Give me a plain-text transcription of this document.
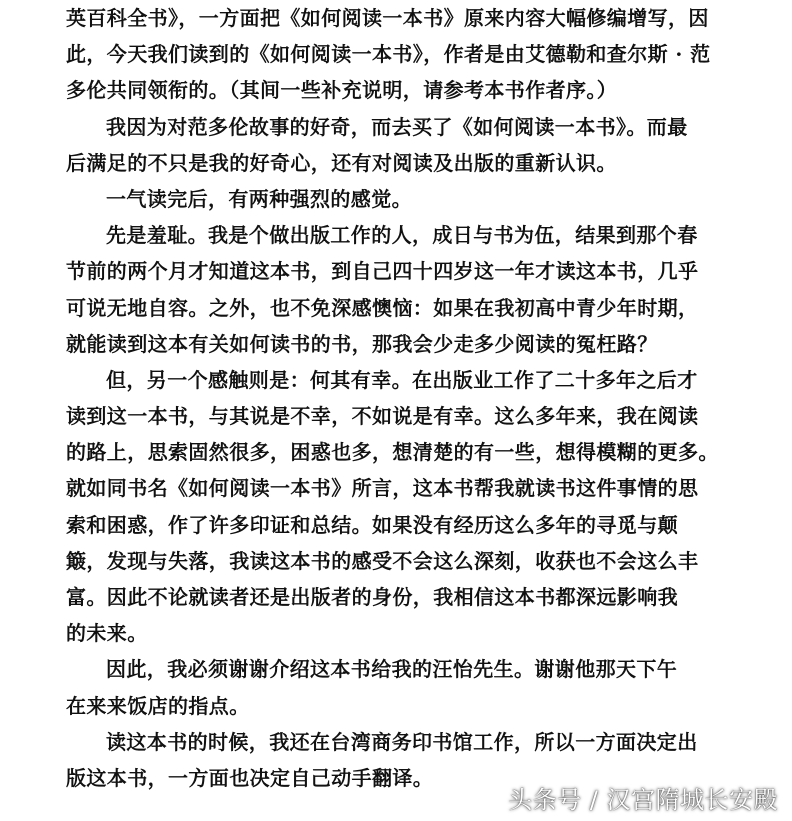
英百科全书》，一方面把《如何阅读一本书》原来内容大幅修编增写，因
此，今天我们读到的《如何阅读一本书》，作者是由艾德勒和查尔斯 · 范
多伦共同领衔的。（其间一些补充说明，请参考本书作者序。）
我因为对范多伦故事的好奇，而去买了《如何阅读一本书》。而最
后满足的不只是我的好奇心，还有对阅读及出版的重新认识。
一气读完后，有两种强烈的感觉。
先是羞耻。我是个做出版工作的人，成日与书为伍，结果到那个春
节前的两个月才知道这本书，到自己四十四岁这一年才读这本书，几乎
可说无地自容。之外，也不免深感懊恼：如果在我初高中青少年时期，
就能读到这本有关如何读书的书，那我会少走多少阅读的冤枉路？
但，另一个感触则是：何其有幸。在出版业工作了二十多年之后才
读到这一本书，与其说是不幸，不如说是有幸。这么多年来，我在阅读
的路上，思索固然很多，困惑也多，想清楚的有一些，想得模糊的更多。
就如同书名《如何阅读一本书》所言，这本书帮我就读书这件事情的思
索和困惑，作了许多印证和总结。如果没有经历这么多年的寻觅与颠
簸，发现与失落，我读这本书的感受不会这么深刻，收获也不会这么丰
富。因此不论就读者还是出版者的身份，我相信这本书都深远影响我
的未来。
因此，我必须谢谢介绍这本书给我的汪怡先生。谢谢他那天下午
在来来饭店的指点。
读这本书的时候，我还在台湾商务印书馆工作，所以一方面决定出
版这本书，一方面也决定自己动手翻译。
头条号 / 汉宫隋城长安殿
